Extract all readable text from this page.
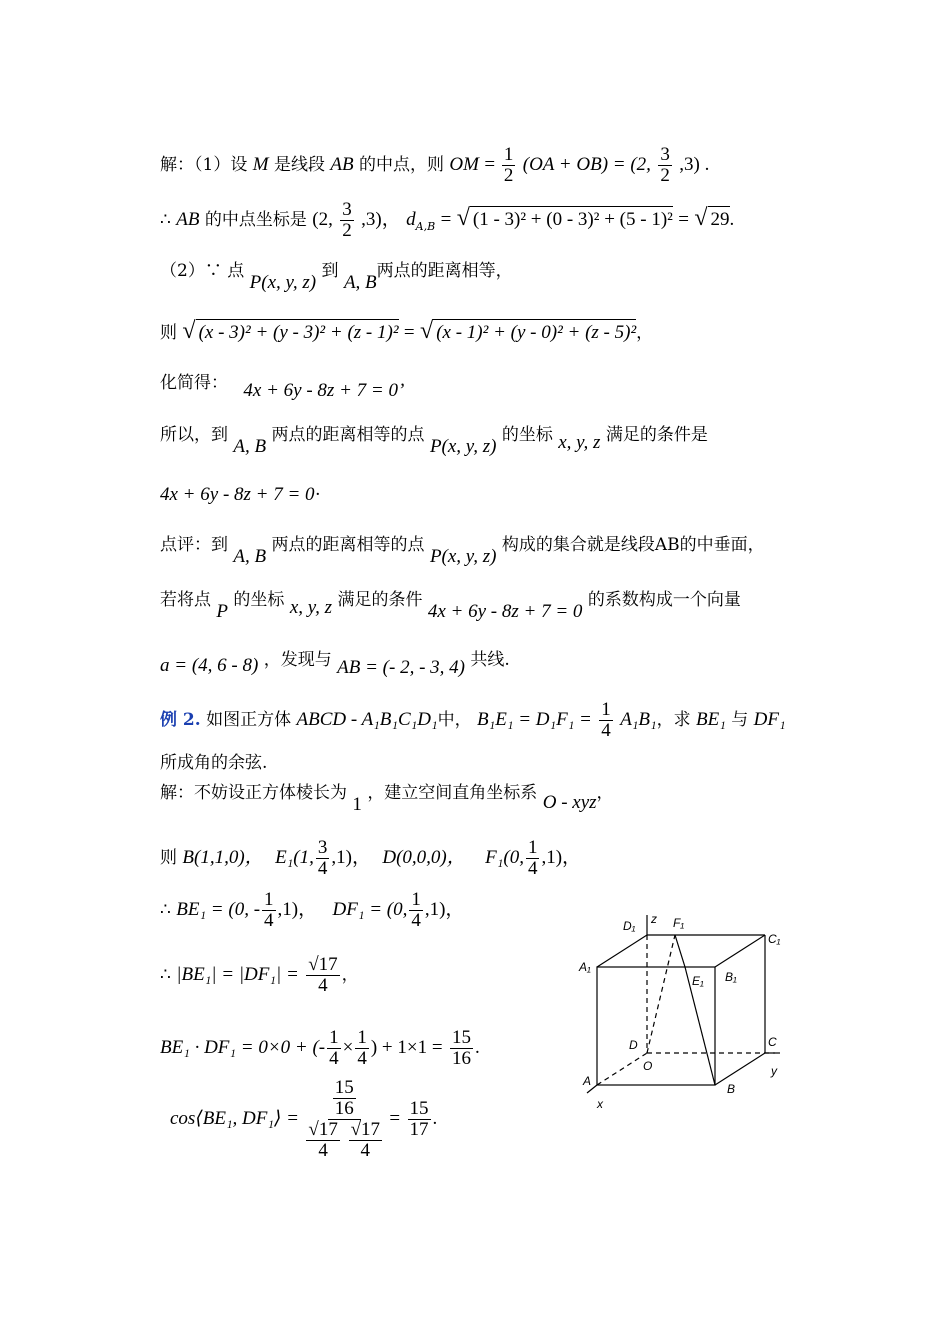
解：（1）设 M 是线段 AB 的中点，则 OM = $\frac{1}{2} (OA + OB) = (2$, $\frac{3}{2} ,3$) .
∴ AB 的中点坐标是 (2, $\frac{3}{2} ,3$)， $d_{A,B}$ = √ (1 - 3)² + (0 - 3)² + (5 - 1)² = √ 29.
（2）∵ 点 P(x, y, z) 到 A, B两点的距离相等，
则 √ (x - 3)² + (y - 3)² + (z - 1)² = √ (x - 1)² + (y - 0)² + (z - 5)²，
化简得： 4x + 6y - 8z + 7 = 0’
所以，到 A, B 两点的距离相等的点 P(x, y, z) 的坐标 x, y, z 满足的条件是
4x + 6y - 8z + 7 = 0·
点评：到 A, B 两点的距离相等的点 P(x, y, z) 构成的集合就是线段AB的中垂面，
若将点 P 的坐标 x, y, z 满足的条件 4x + 6y - 8z + 7 = 0 的系数构成一个向量
a = (4, 6 - 8) ，发现与 AB = (- 2, - 3, 4) 共线.
例 2. 如图正方体 ABCD - A₁B₁C₁D₁中， $B_1E_1 = D_1F_1 = \frac{1}{4} A_1B_1$，求 BE₁ 与 DF₁
所成角的余弦.
解：不妨设正方体棱长为 1 ，建立空间直角坐标系 O - xyz，
则 B(1,1,0)， E₁(1, $\frac{3}{4} ,1$)， D(0,0,0)， F₁(0, $\frac{1}{4} ,1$)，
∴ BE₁ = (0, - $\frac{1}{4} ,1$)， DF₁ = (0, $\frac{1}{4} ,1$)，
∴ $|BE_1| = |DF_1| = \frac{√17}{4}$ ，
BE₁ · DF₁ = 0×0 + (- $\frac{1}{4} \times \frac{1}{4}$ ) + $1\times 1 = \frac{15}{16}$ .
cos⟨BE₁, DF₁⟩ = $\frac{15}{16}$
$\frac{√17}{4}$
$\frac{√17}{4} = \frac{15}{17}$ .
D₁ z F₁
C₁
A₁
B₁
E₁
D
O
C
y
A
B
x
